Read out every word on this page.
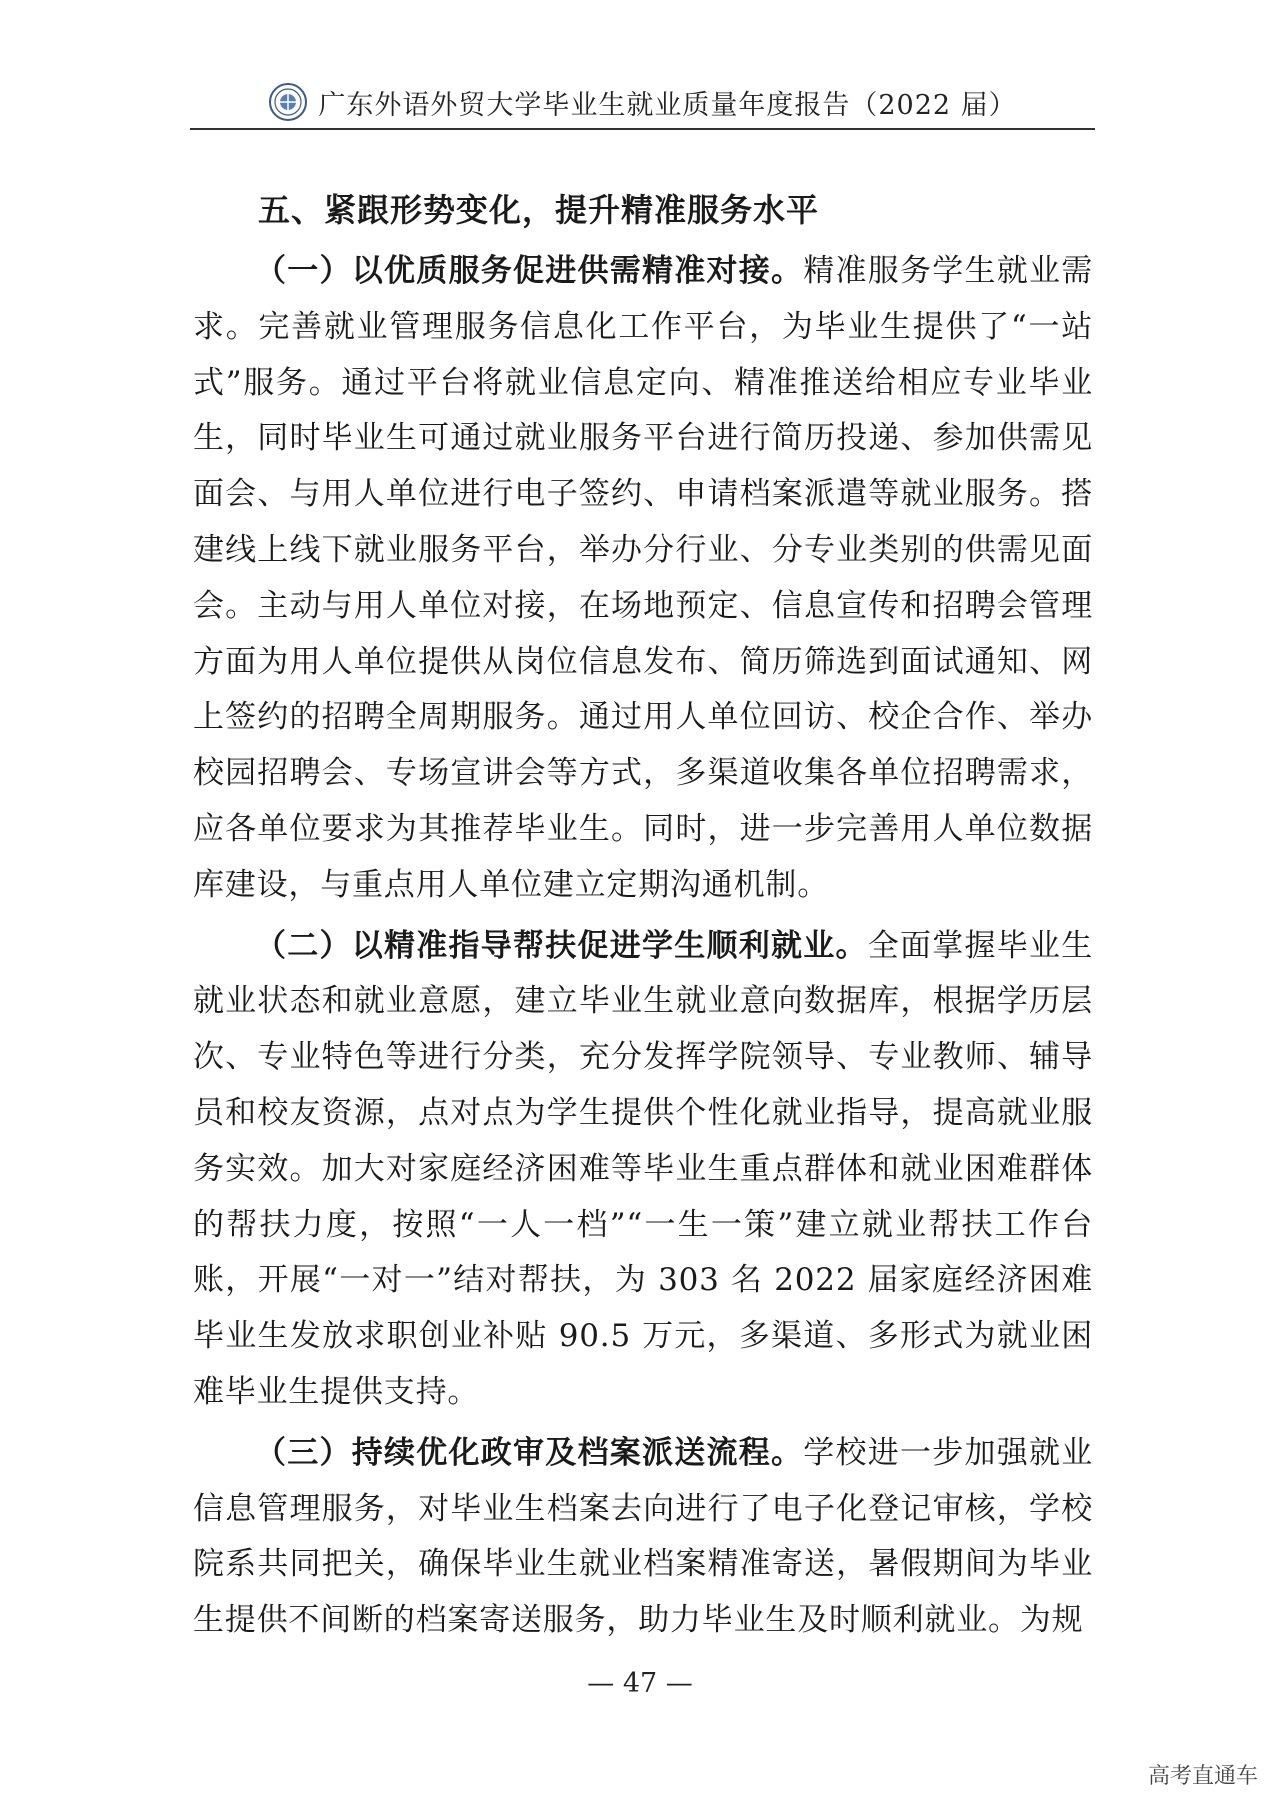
广东外语外贸大学毕业生就业质量年度报告（2022 届）
五、紧跟形势变化，提升精准服务水平

（一）以优质服务促进供需精准对接。精准服务学生就业需求。完善就业管理服务信息化工作平台，为毕业生提供了“一站式”服务。通过平台将就业信息定向、精准推送给相应专业毕业生，同时毕业生可通过就业服务平台进行简历投递、参加供需见面会、与用人单位进行电子签约、申请档案派遣等就业服务。搭建线上线下就业服务平台，举办分行业、分专业类别的供需见面会。主动与用人单位对接，在场地预定、信息宣传和招聘会管理方面为用人单位提供从岗位信息发布、简历筛选到面试通知、网上签约的招聘全周期服务。通过用人单位回访、校企合作、举办校园招聘会、专场宣讲会等方式，多渠道收集各单位招聘需求，应各单位要求为其推荐毕业生。同时，进一步完善用人单位数据库建设，与重点用人单位建立定期沟通机制。

（二）以精准指导帮扶促进学生顺利就业。全面掌握毕业生就业状态和就业意愿，建立毕业生就业意向数据库，根据学历层次、专业特色等进行分类，充分发挥学院领导、专业教师、辅导员和校友资源，点对点为学生提供个性化就业指导，提高就业服务实效。加大对家庭经济困难等毕业生重点群体和就业困难群体的帮扶力度，按照“一人一档”“一生一策”建立就业帮扶工作台账，开展“一对一”结对帮扶，为 303 名 2022 届家庭经济困难毕业生发放求职创业补贴 90.5 万元，多渠道、多形式为就业困难毕业生提供支持。

（三）持续优化政审及档案派送流程。学校进一步加强就业信息管理服务，对毕业生档案去向进行了电子化登记审核，学校院系共同把关，确保毕业生就业档案精准寄送，暑假期间为毕业生提供不间断的档案寄送服务，助力毕业生及时顺利就业。为规

— 47 —
高考直通车
